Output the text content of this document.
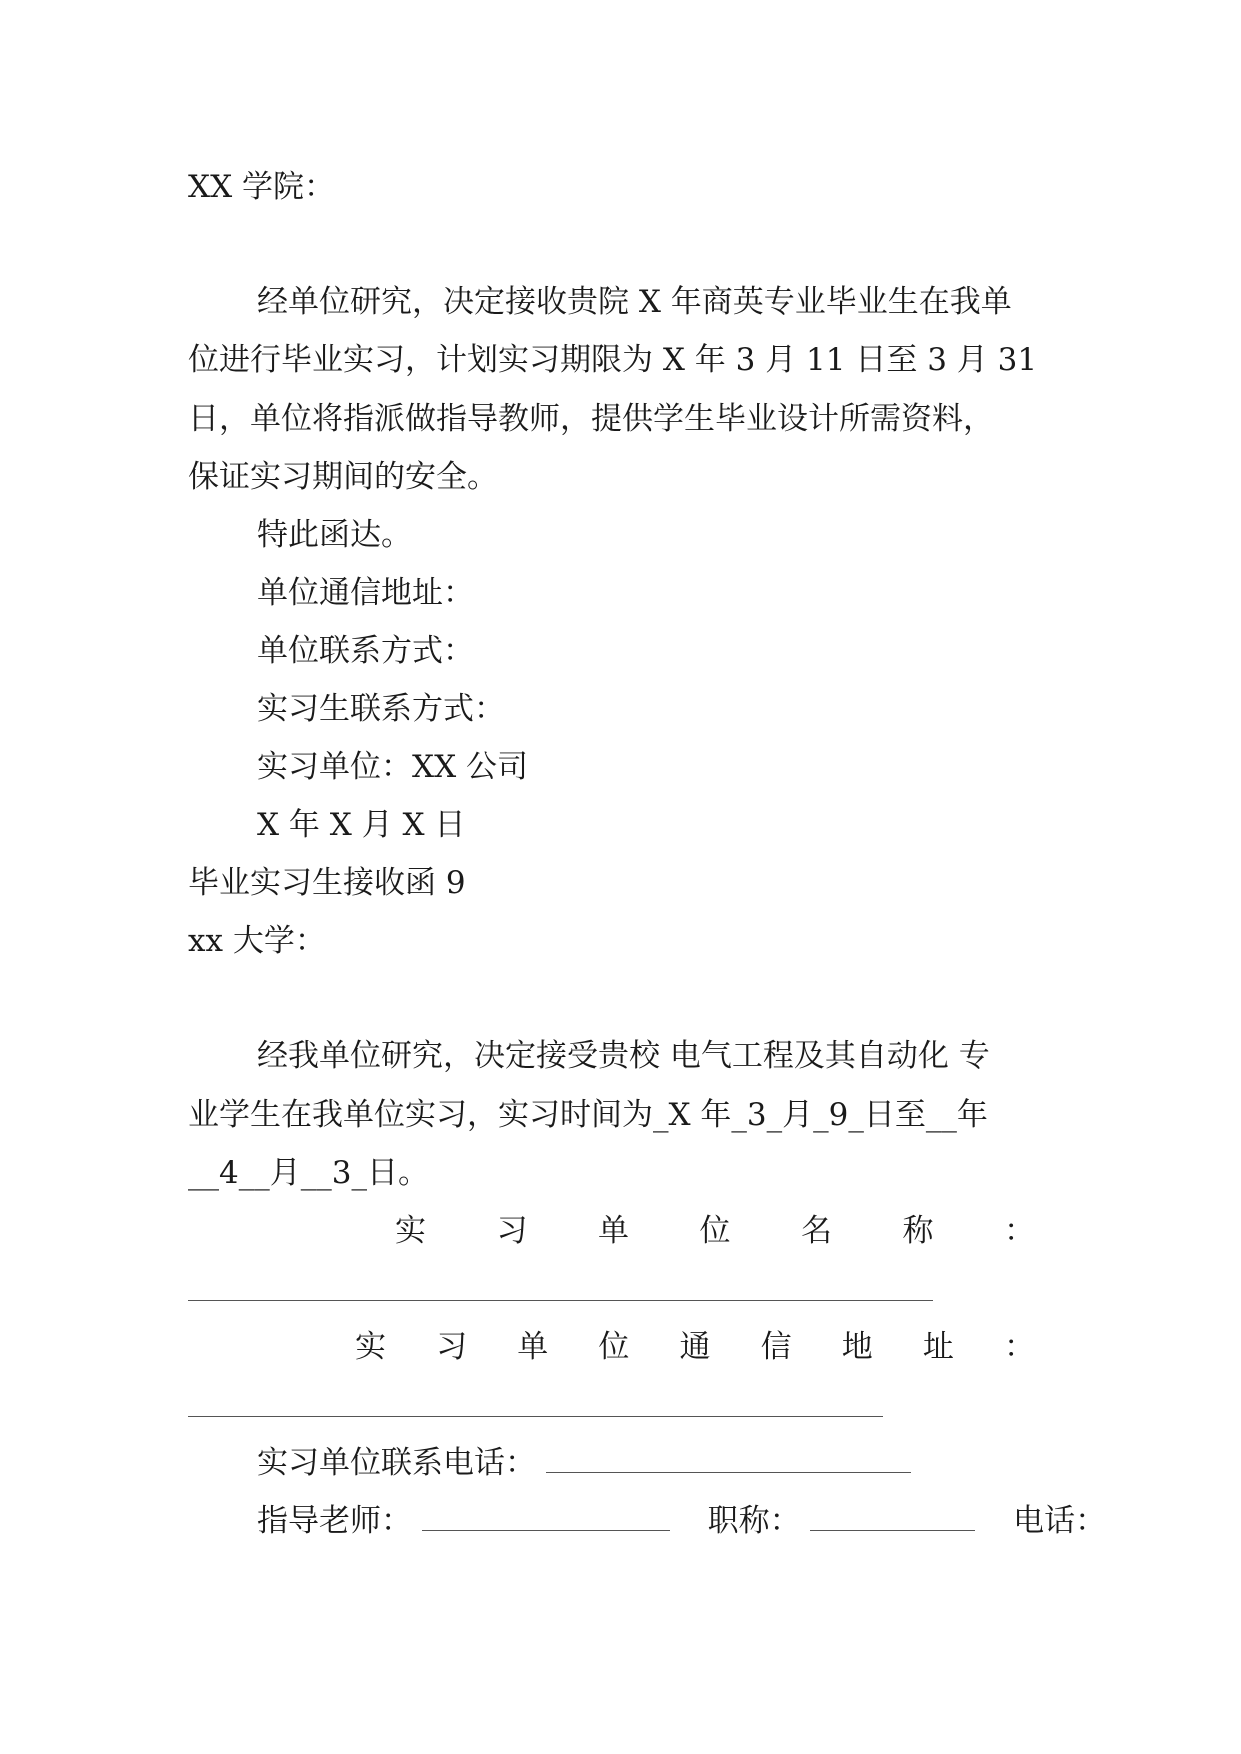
XX 学院：
经单位研究，决定接收贵院 X 年商英专业毕业生在我单
位进行毕业实习，计划实习期限为 X 年 3 月 11 日至 3 月 31
日，单位将指派做指导教师，提供学生毕业设计所需资料，
保证实习期间的安全。
特此函达。
单位通信地址：
单位联系方式：
实习生联系方式：
实习单位：XX 公司
X 年 X 月 X 日
毕业实习生接收函 9
xx 大学：
经我单位研究，决定接受贵校 电气工程及其自动化 专
业学生在我单位实习，实习时间为_X 年_3_月_9_日至__年
__4__月__3_日。
实 习 单 位 名 称 ：
实 习 单 位 通 信 地 址 ：
实习单位联系电话：
指导老师：	职称：	电话：
